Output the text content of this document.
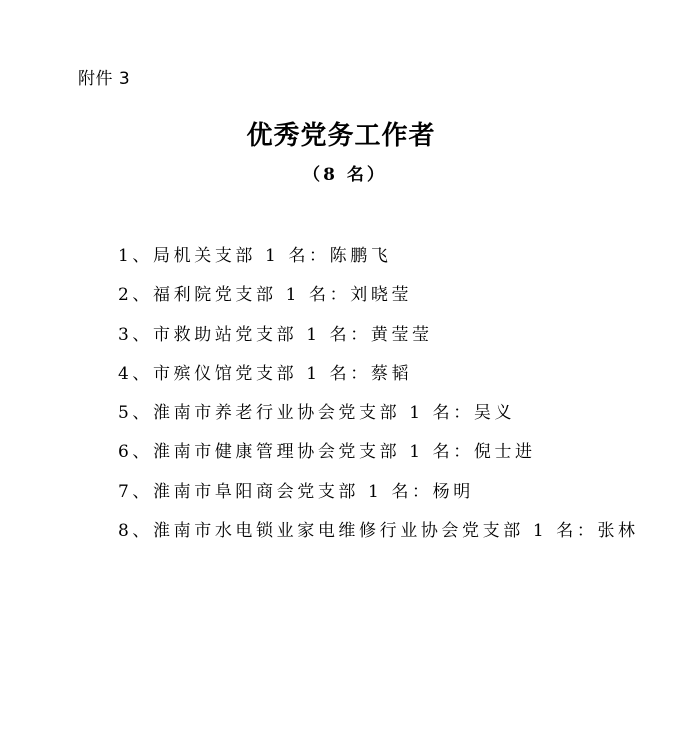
附件 3
优秀党务工作者
（8 名）
1、局机关支部 1 名：陈鹏飞
2、福利院党支部 1 名：刘晓莹
3、市救助站党支部 1 名：黄莹莹
4、市殡仪馆党支部 1 名：蔡韬
5、淮南市养老行业协会党支部 1 名：吴义
6、淮南市健康管理协会党支部 1 名：倪士进
7、淮南市阜阳商会党支部 1 名：杨明
8、淮南市水电锁业家电维修行业协会党支部 1 名：张林
